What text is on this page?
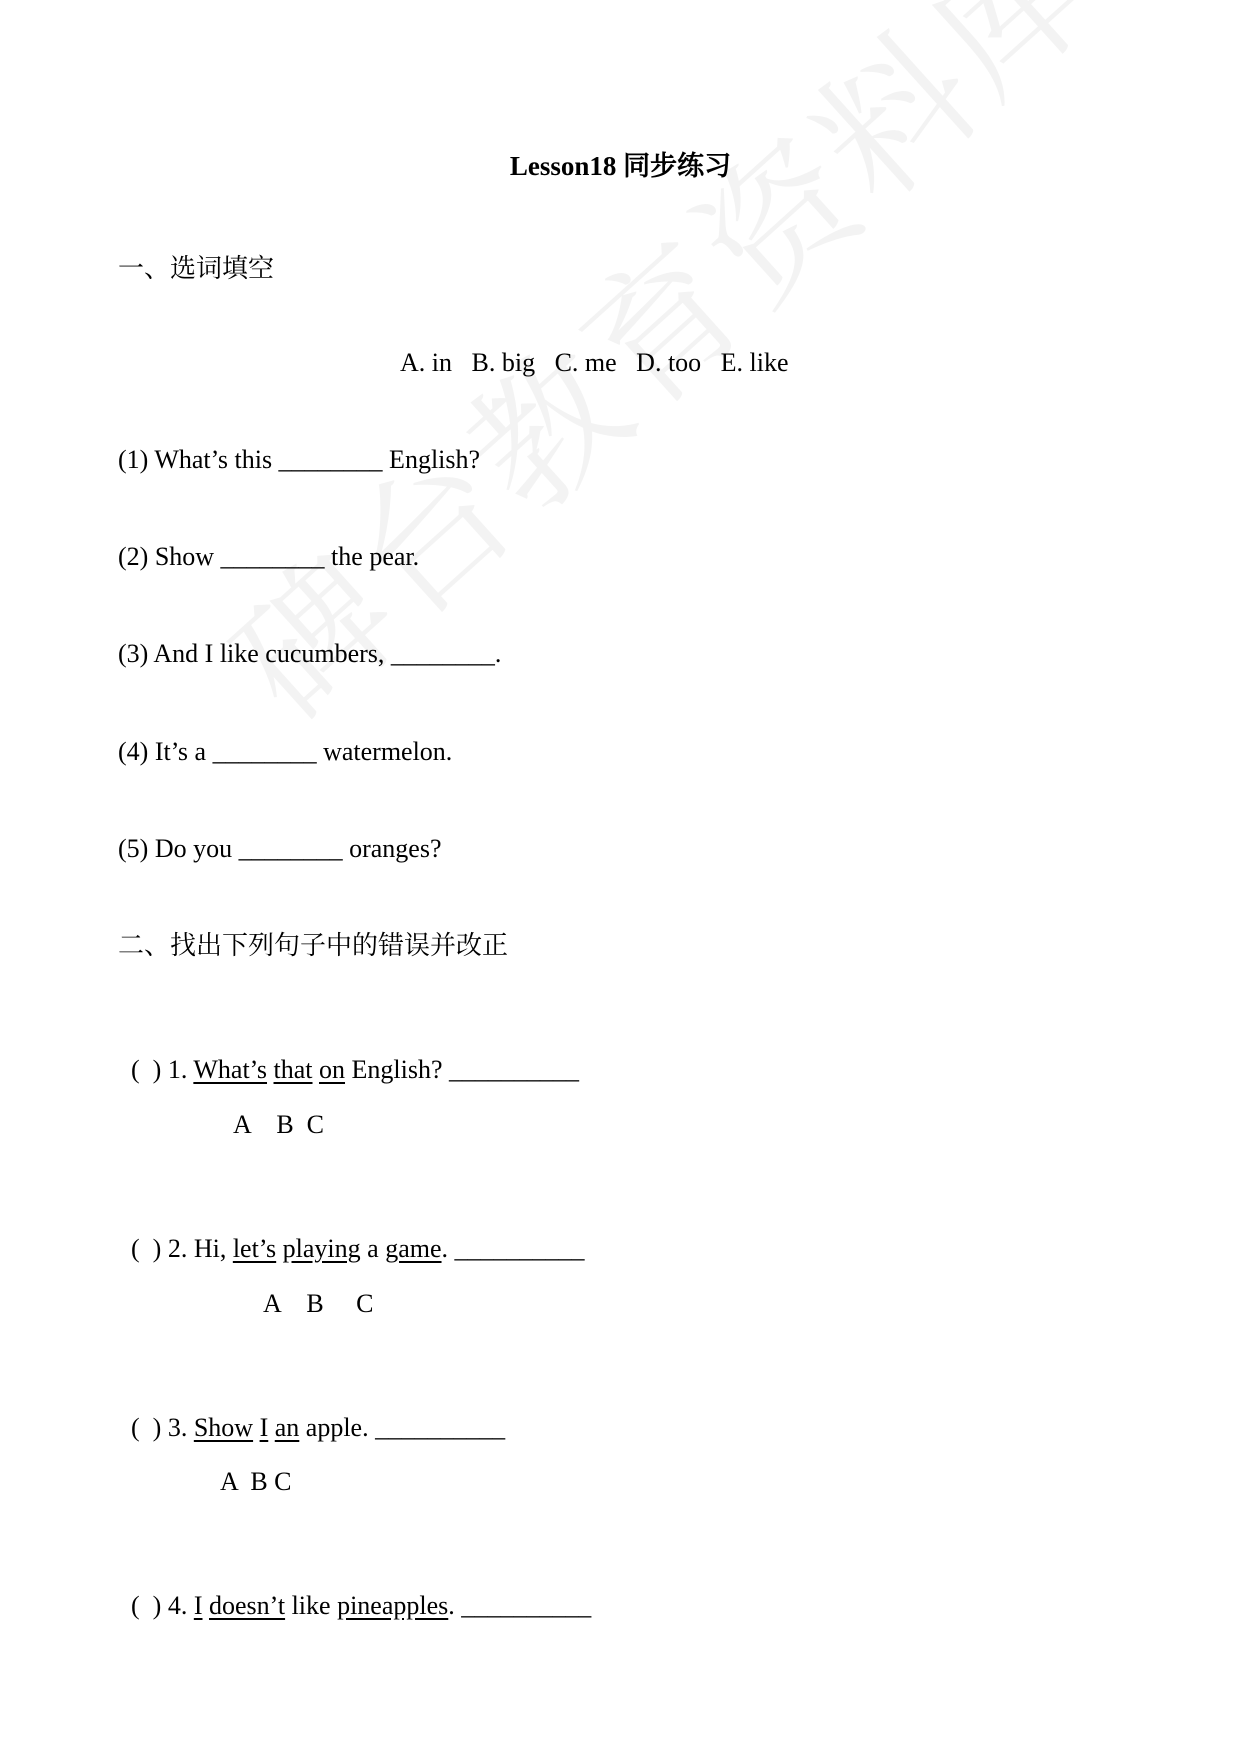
Lesson18 同步练习
一、选词填空
A. in   B. big   C. me   D. too   E. like
(1) What’s this ________ English?
(2) Show ________ the pear.
(3) And I like cucumbers, ________.
(4) It’s a ________ watermelon.
(5) Do you ________ oranges?
二、找出下列句子中的错误并改正

(  ) 1. What’s that on English? __________

A    B  C

(  ) 2. Hi, let’s playing a game. __________

A    B     C

(  ) 3. Show I an apple. __________

A  B C

(  ) 4. I doesn’t like pineapples. __________
